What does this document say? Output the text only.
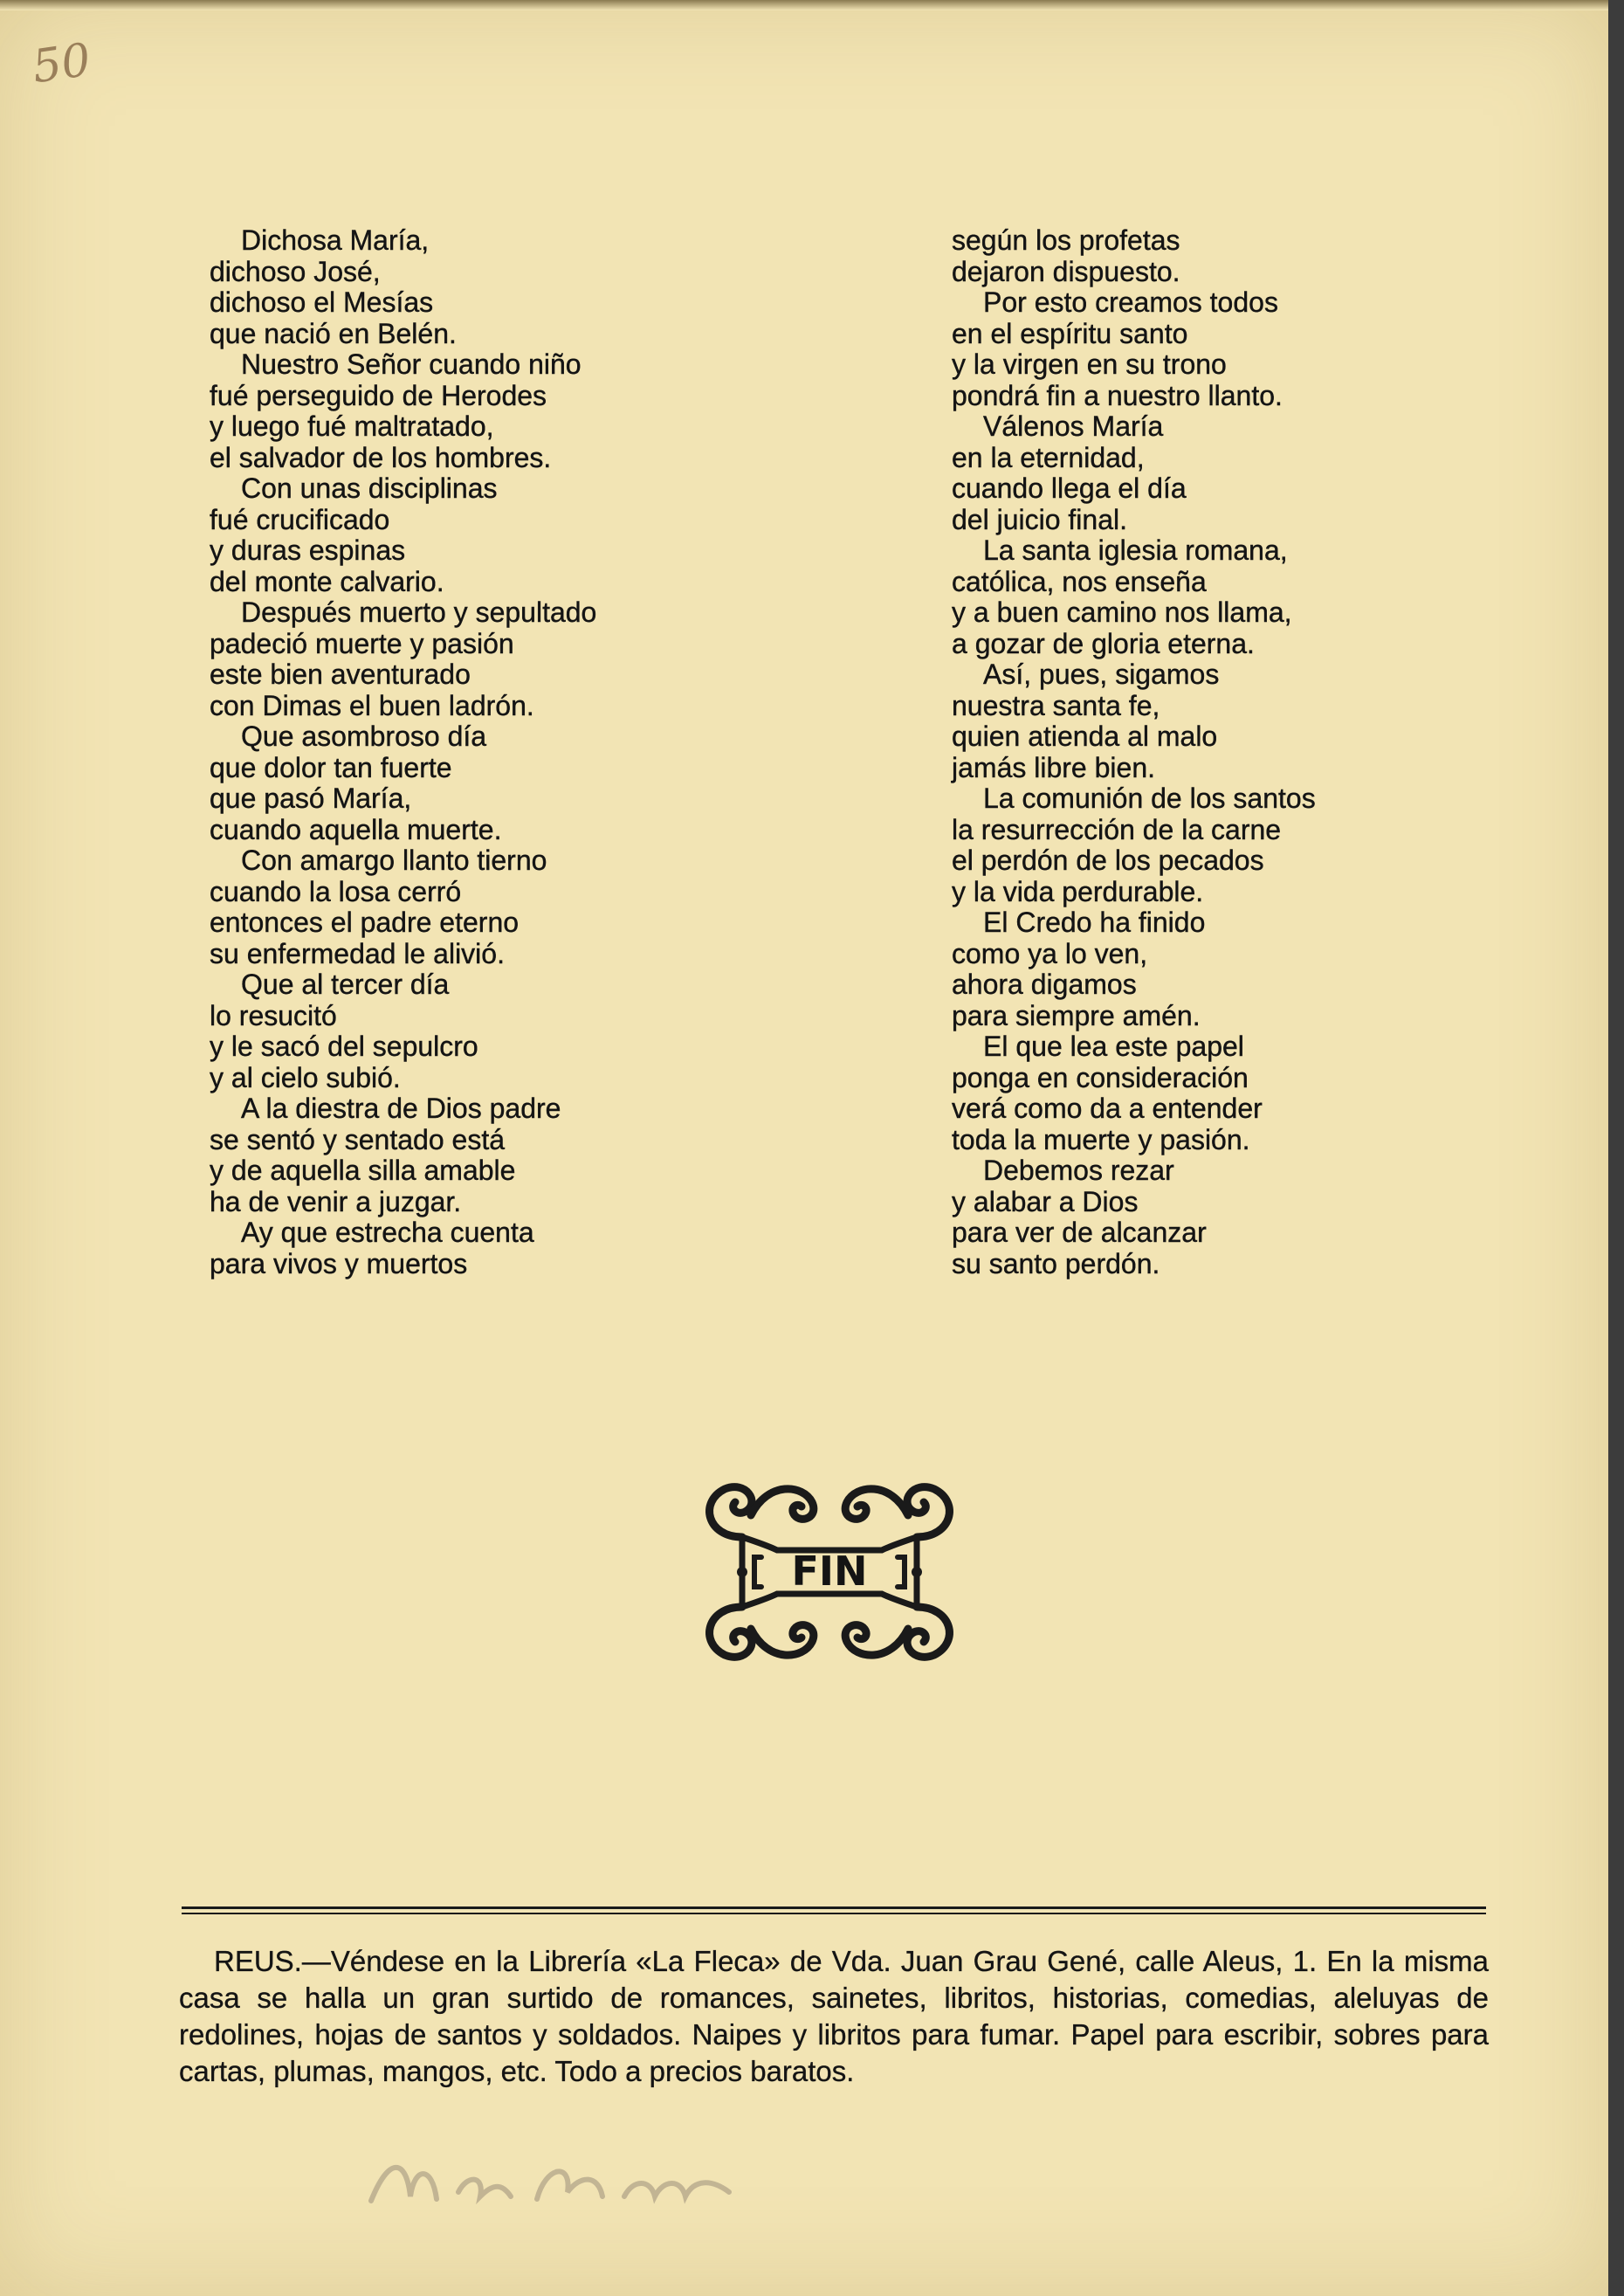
50
Dichosa María,
dichoso José,
dichoso el Mesías
que nació en Belén.
Nuestro Señor cuando niño
fué perseguido de Herodes
y luego fué maltratado,
el salvador de los hombres.
Con unas disciplinas
fué crucificado
y duras espinas
del monte calvario.
Después muerto y sepultado
padeció muerte y pasión
este bien aventurado
con Dimas el buen ladrón.
Que asombroso día
que dolor tan fuerte
que pasó María,
cuando aquella muerte.
Con amargo llanto tierno
cuando la losa cerró
entonces el padre eterno
su enfermedad le alivió.
Que al tercer día
lo resucitó
y le sacó del sepulcro
y al cielo subió.
A la diestra de Dios padre
se sentó y sentado está
y de aquella silla amable
ha de venir a juzgar.
Ay que estrecha cuenta
para vivos y muertos
según los profetas
dejaron dispuesto.
Por esto creamos todos
en el espíritu santo
y la virgen en su trono
pondrá fin a nuestro llanto.
Válenos María
en la eternidad,
cuando llega el día
del juicio final.
La santa iglesia romana,
católica, nos enseña
y a buen camino nos llama,
a gozar de gloria eterna.
Así, pues, sigamos
nuestra santa fe,
quien atienda al malo
jamás libre bien.
La comunión de los santos
la resurrección de la carne
el perdón de los pecados
y la vida perdurable.
El Credo ha finido
como ya lo ven,
ahora digamos
para siempre amén.
El que lea este papel
ponga en consideración
verá como da a entender
toda la muerte y pasión.
Debemos rezar
y alabar a Dios
para ver de alcanzar
su santo perdón.
FIN
REUS.—Véndese en la Librería «La Fleca» de Vda. Juan Grau Gené, calle Aleus, 1. En la misma casa se halla un gran surtido de romances, sainetes, libritos, historias, comedias, aleluyas de redolines, hojas de santos y soldados. Naipes y libritos para fumar. Papel para escribir, sobres para cartas, plumas, mangos, etc. Todo a precios baratos.
